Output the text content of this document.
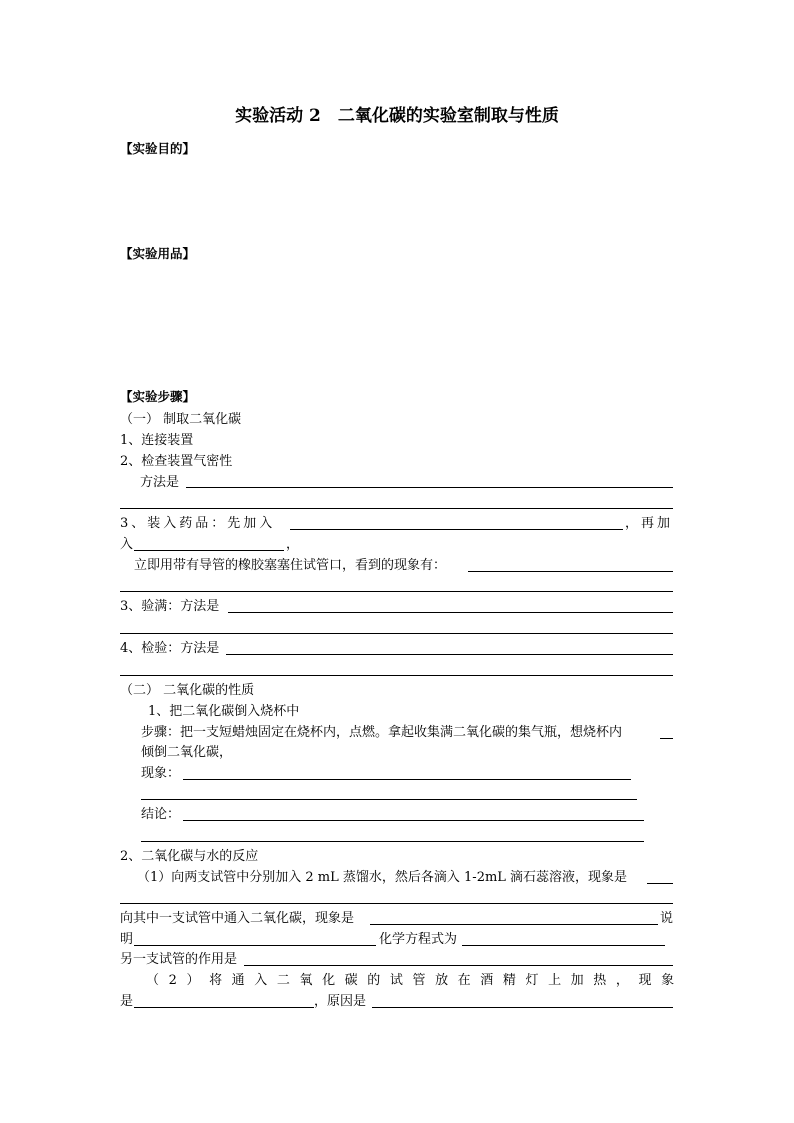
实验活动 2　二氧化碳的实验室制取与性质
【实验目的】
【实验用品】
【实验步骤】
（一） 制取二氧化碳
1、连接装置
2、检查装置气密性
方法是
3、装入药品：先加入	，再加
入	，
立即用带有导管的橡胶塞塞住试管口，看到的现象有：
3、验满：方法是
4、检验：方法是
（二） 二氧化碳的性质
1、把二氧化碳倒入烧杯中
步骤：把一支短蜡烛固定在烧杯内，点燃。拿起收集满二氧化碳的集气瓶，想烧杯内
倾倒二氧化碳，
现象：
结论：
2、二氧化碳与水的反应
（1）向两支试管中分别加入 2 mL 蒸馏水，然后各滴入 1-2mL 滴石蕊溶液，现象是
向其中一支试管中通入二氧化碳，现象是	说
明	化学方程式为
另一支试管的作用是
（2）将通入二氧化碳的试管放在酒精灯上加热，现象
是	，原因是
